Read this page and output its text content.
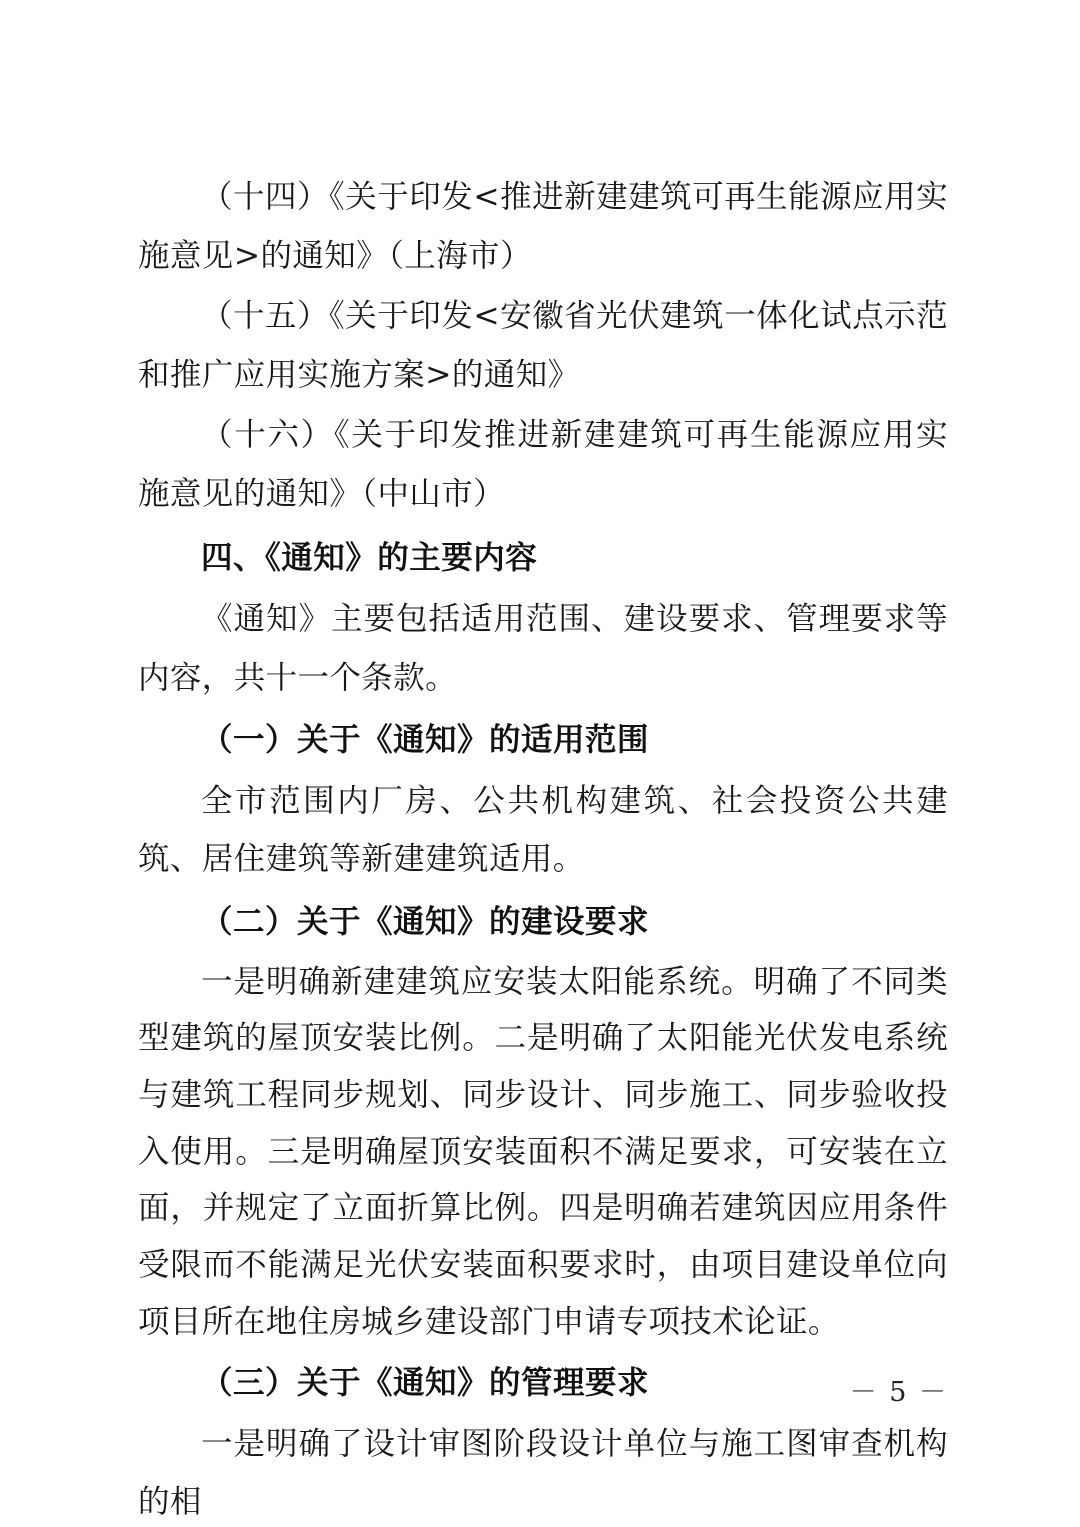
（十四）《关于印发<推进新建建筑可再生能源应用实施意见>的通知》（上海市）

（十五）《关于印发<安徽省光伏建筑一体化试点示范和推广应用实施方案>的通知》

（十六）《关于印发推进新建建筑可再生能源应用实施意见的通知》（中山市）

四、《通知》的主要内容

《通知》主要包括适用范围、建设要求、管理要求等内容，共十一个条款。

（一）关于《通知》的适用范围

全市范围内厂房、公共机构建筑、社会投资公共建筑、居住建筑等新建建筑适用。

（二）关于《通知》的建设要求

一是明确新建建筑应安装太阳能系统。明确了不同类型建筑的屋顶安装比例。二是明确了太阳能光伏发电系统与建筑工程同步规划、同步设计、同步施工、同步验收投入使用。三是明确屋顶安装面积不满足要求，可安装在立面，并规定了立面折算比例。四是明确若建筑因应用条件受限而不能满足光伏安装面积要求时，由项目建设单位向项目所在地住房城乡建设部门申请专项技术论证。

（三）关于《通知》的管理要求

一是明确了设计审图阶段设计单位与施工图审查机构的相

－ 5 －
